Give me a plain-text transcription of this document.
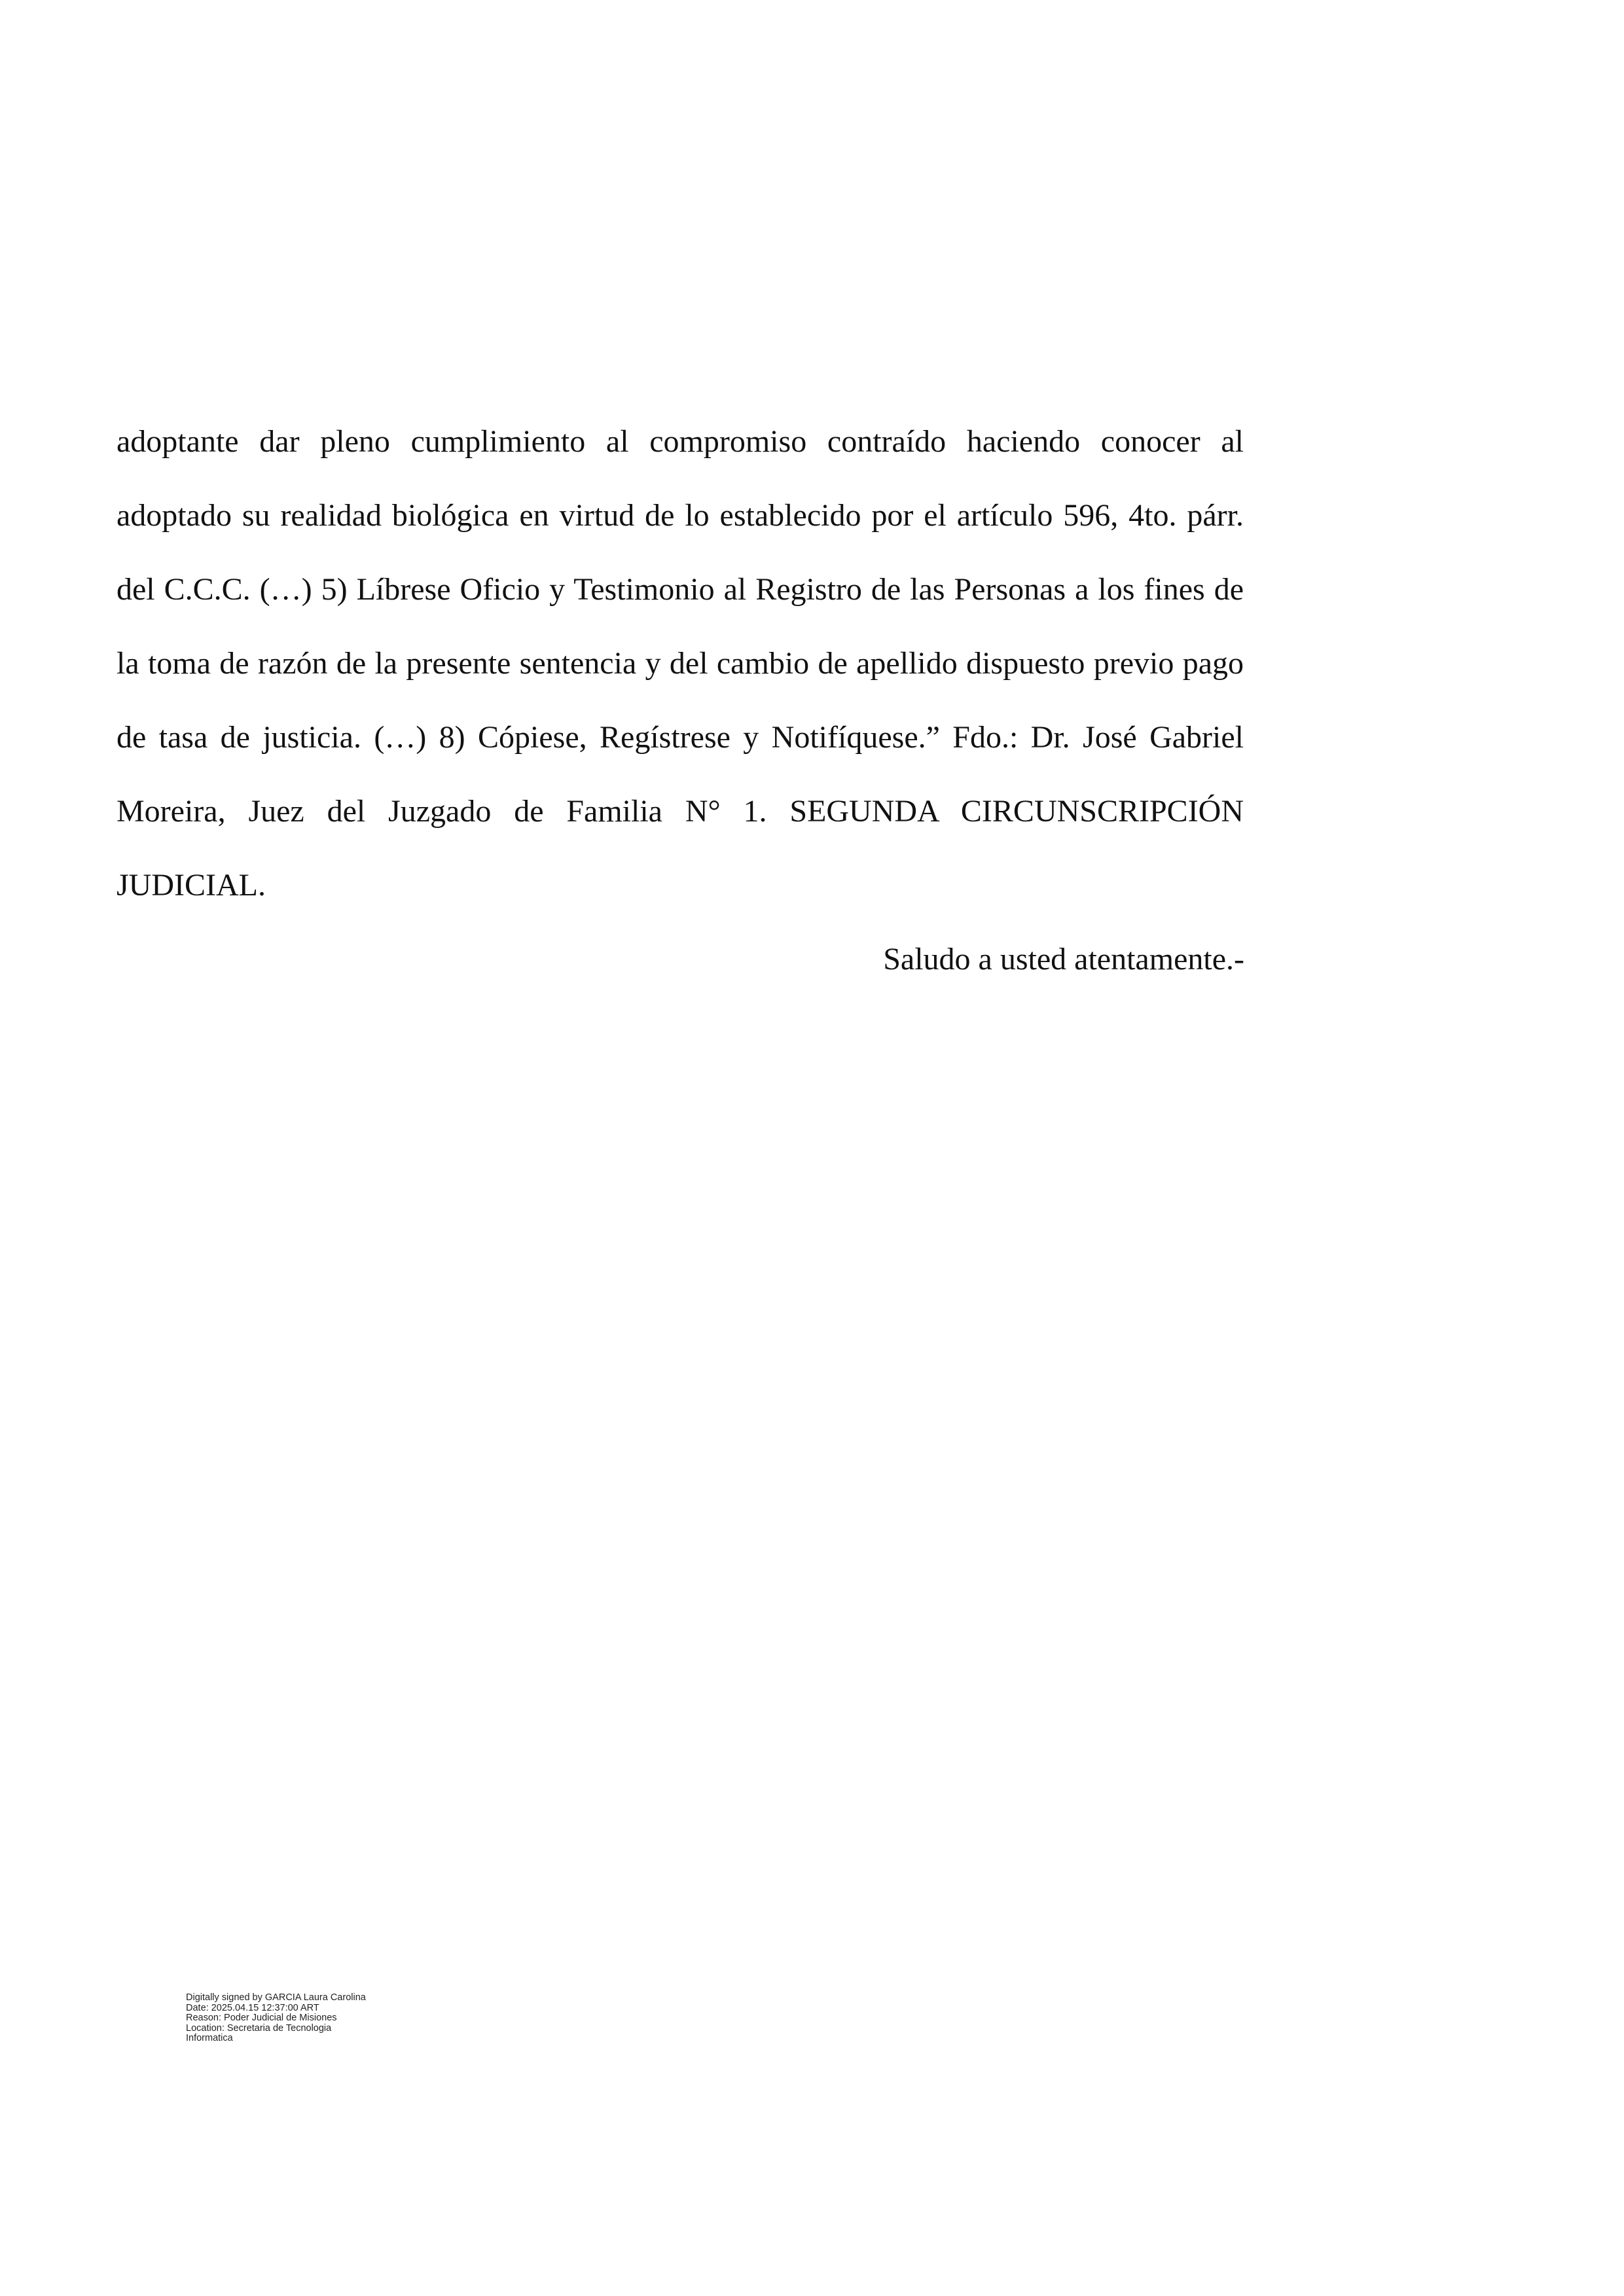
adoptante dar pleno cumplimiento al compromiso contraído haciendo conocer al adoptado su realidad biológica en virtud de lo establecido por el artículo 596, 4to. párr. del C.C.C. (…) 5) Líbrese Oficio y Testimonio al Registro de las Personas a los fines de la toma de razón de la presente sentencia y del cambio de apellido dispuesto previo pago de tasa de justicia. (…) 8) Cópiese, Regístrese y Notifíquese.” Fdo.: Dr. José Gabriel Moreira, Juez del Juzgado de Familia N° 1. SEGUNDA CIRCUNSCRIPCIÓN JUDICIAL.

Saludo a usted atentamente.-

Digitally signed by GARCIA Laura Carolina
Date: 2025.04.15 12:37:00 ART
Reason: Poder Judicial de Misiones
Location: Secretaria de Tecnologia
Informatica
